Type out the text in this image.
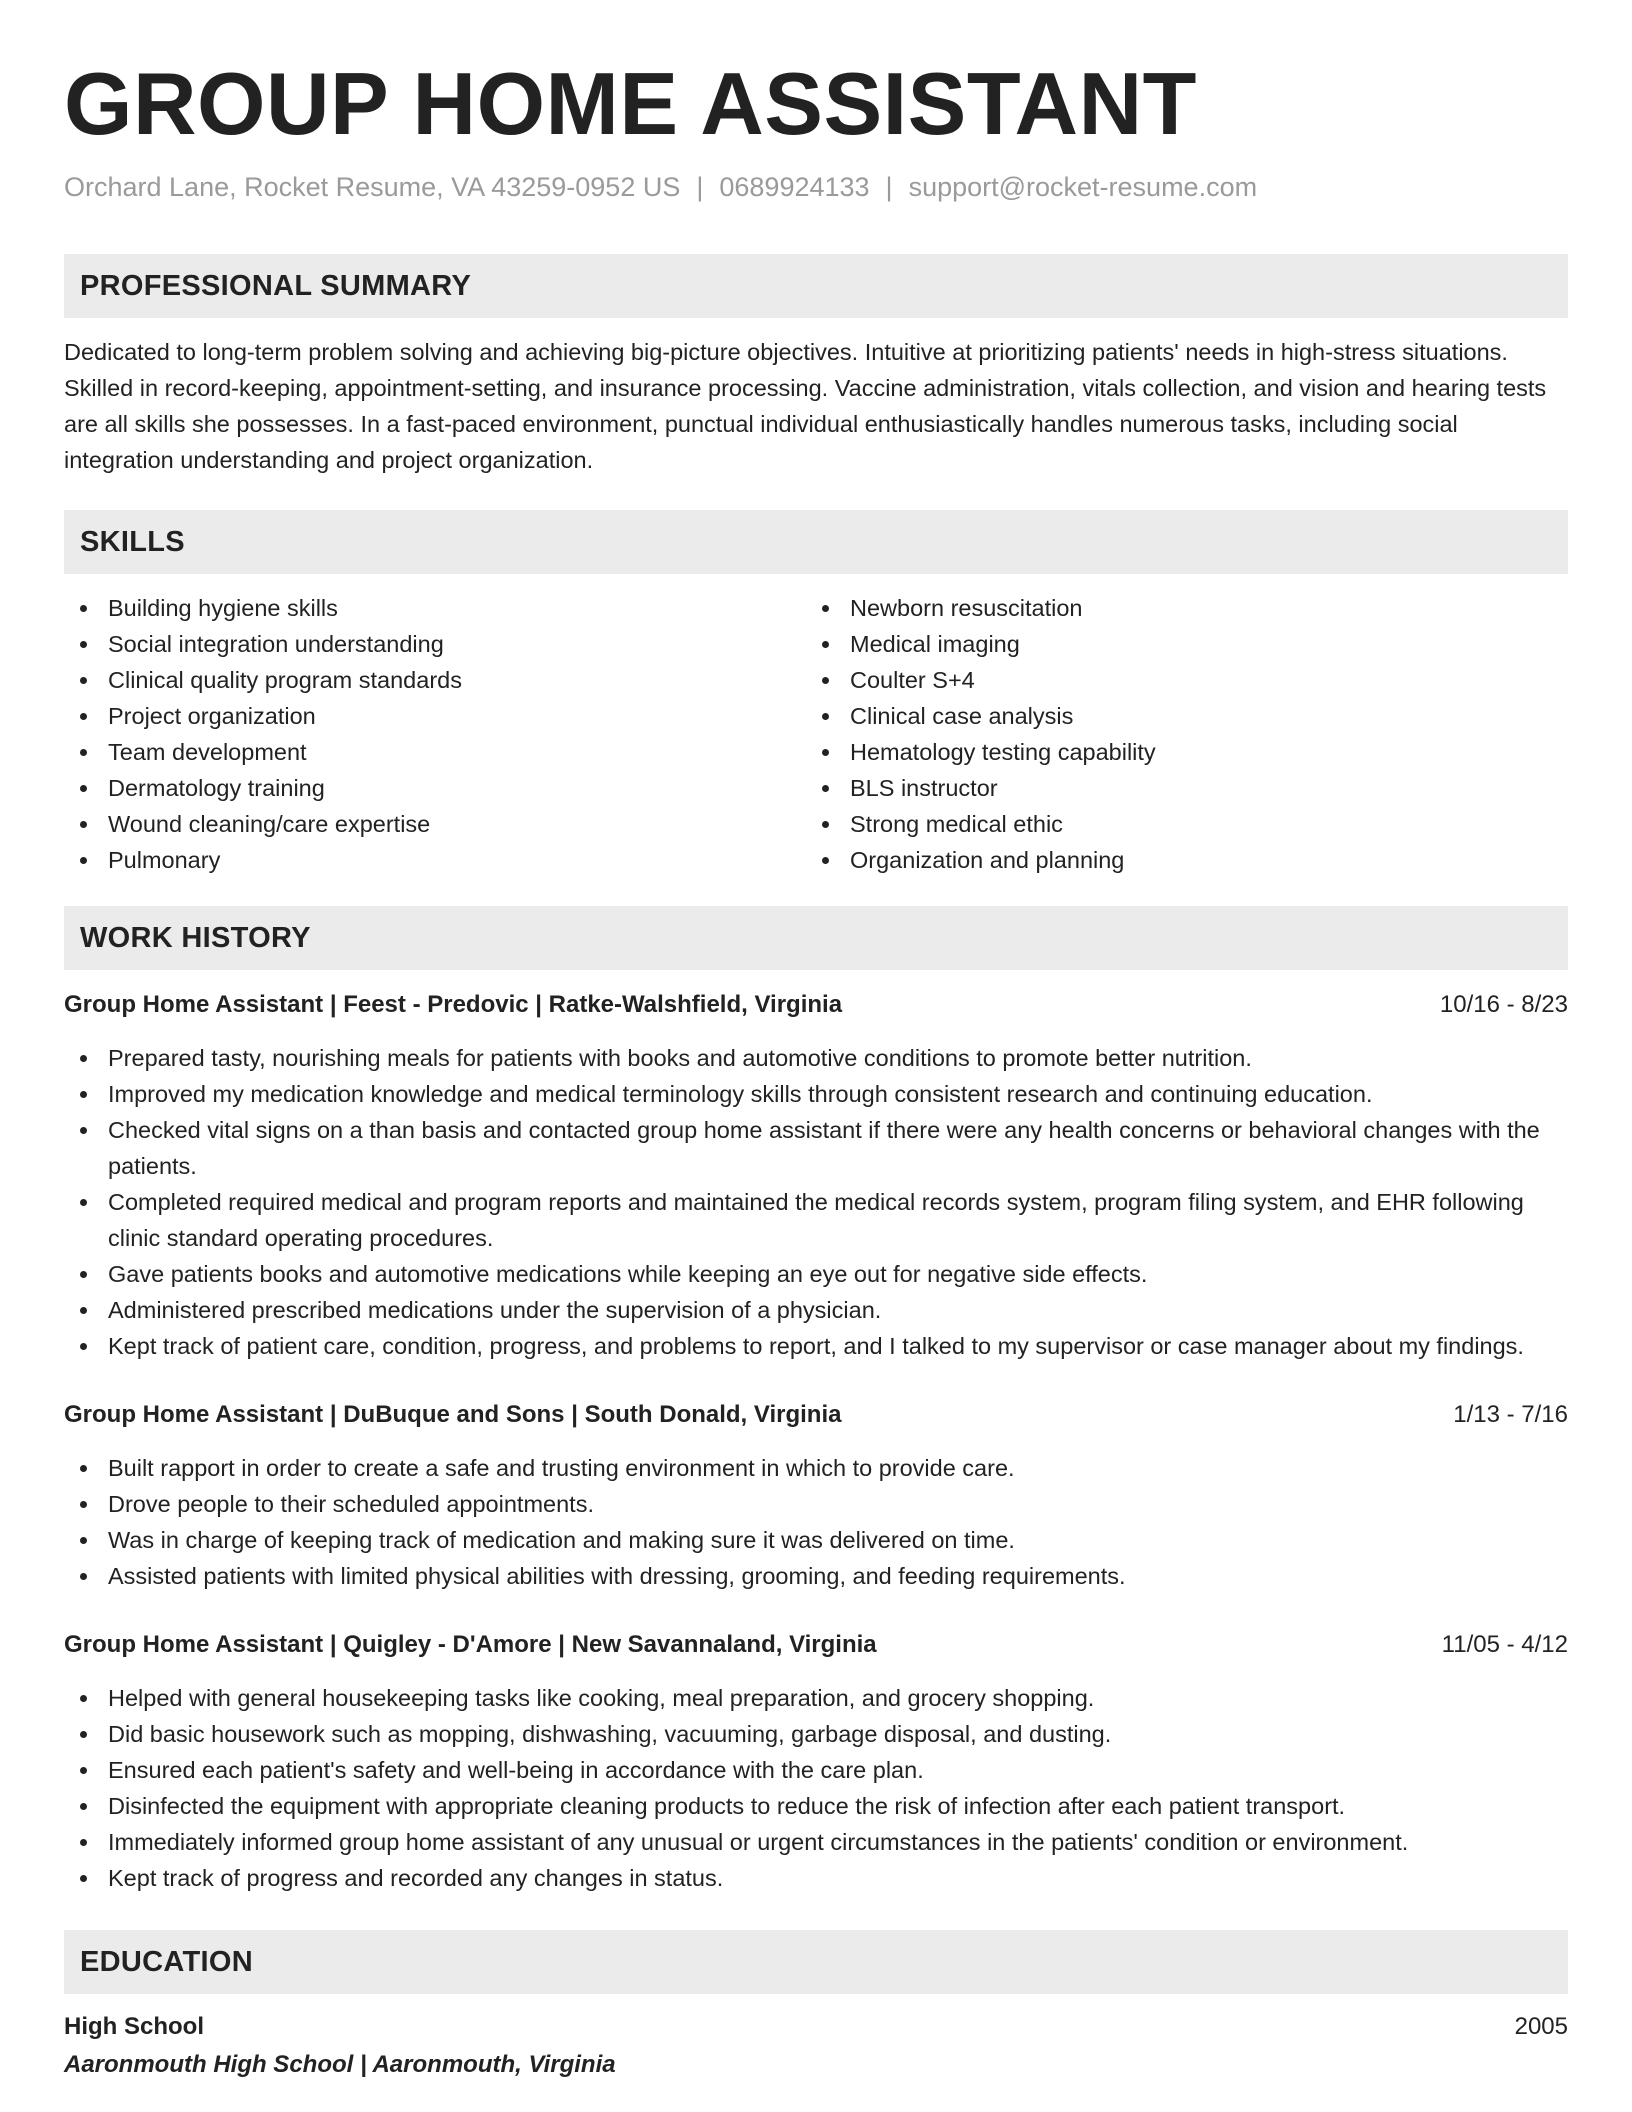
GROUP HOME ASSISTANT
Orchard Lane, Rocket Resume, VA 43259-0952 US | 0689924133 | support@rocket-resume.com
PROFESSIONAL SUMMARY

Dedicated to long-term problem solving and achieving big-picture objectives. Intuitive at prioritizing patients' needs in high-stress situations. Skilled in record-keeping, appointment-setting, and insurance processing. Vaccine administration, vitals collection, and vision and hearing tests are all skills she possesses. In a fast-paced environment, punctual individual enthusiastically handles numerous tasks, including social integration understanding and project organization.

SKILLS
Building hygiene skills
Social integration understanding
Clinical quality program standards
Project organization
Team development
Dermatology training
Wound cleaning/care expertise
Pulmonary
Newborn resuscitation
Medical imaging
Coulter S+4
Clinical case analysis
Hematology testing capability
BLS instructor
Strong medical ethic
Organization and planning
WORK HISTORY
Group Home Assistant | Feest - Predovic | Ratke-Walshfield, Virginia	10/16 - 8/23
Prepared tasty, nourishing meals for patients with books and automotive conditions to promote better nutrition.
Improved my medication knowledge and medical terminology skills through consistent research and continuing education.
Checked vital signs on a than basis and contacted group home assistant if there were any health concerns or behavioral changes with the patients.
Completed required medical and program reports and maintained the medical records system, program filing system, and EHR following clinic standard operating procedures.
Gave patients books and automotive medications while keeping an eye out for negative side effects.
Administered prescribed medications under the supervision of a physician.
Kept track of patient care, condition, progress, and problems to report, and I talked to my supervisor or case manager about my findings.
Group Home Assistant | DuBuque and Sons | South Donald, Virginia	1/13 - 7/16
Built rapport in order to create a safe and trusting environment in which to provide care.
Drove people to their scheduled appointments.
Was in charge of keeping track of medication and making sure it was delivered on time.
Assisted patients with limited physical abilities with dressing, grooming, and feeding requirements.
Group Home Assistant | Quigley - D'Amore | New Savannaland, Virginia	11/05 - 4/12
Helped with general housekeeping tasks like cooking, meal preparation, and grocery shopping.
Did basic housework such as mopping, dishwashing, vacuuming, garbage disposal, and dusting.
Ensured each patient's safety and well-being in accordance with the care plan.
Disinfected the equipment with appropriate cleaning products to reduce the risk of infection after each patient transport.
Immediately informed group home assistant of any unusual or urgent circumstances in the patients' condition or environment.
Kept track of progress and recorded any changes in status.
EDUCATION
High School	2005
Aaronmouth High School | Aaronmouth, Virginia
